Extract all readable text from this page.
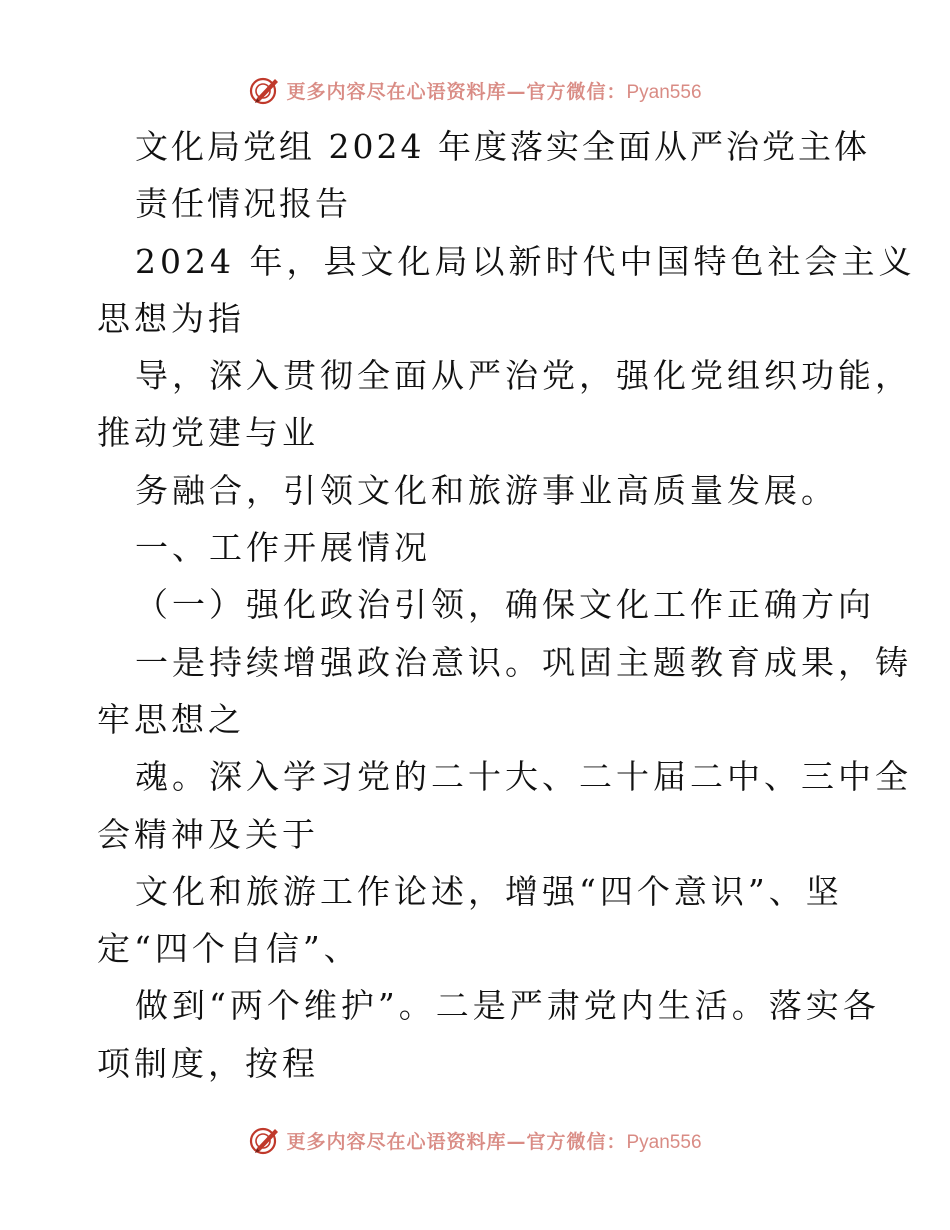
更多内容尽在心语资料库—官方微信：Pyan556
文化局党组 2024 年度落实全面从严治党主体
责任情况报告
2024 年，县文化局以新时代中国特色社会主义
思想为指
导，深入贯彻全面从严治党，强化党组织功能，
推动党建与业
务融合，引领文化和旅游事业高质量发展。
一、工作开展情况
（一）强化政治引领，确保文化工作正确方向
一是持续增强政治意识。巩固主题教育成果，铸
牢思想之
魂。深入学习党的二十大、二十届二中、三中全
会精神及关于
文化和旅游工作论述，增强“四个意识”、坚
定“四个自信”、
做到“两个维护”。二是严肃党内生活。落实各
项制度，按程
更多内容尽在心语资料库—官方微信：Pyan556
